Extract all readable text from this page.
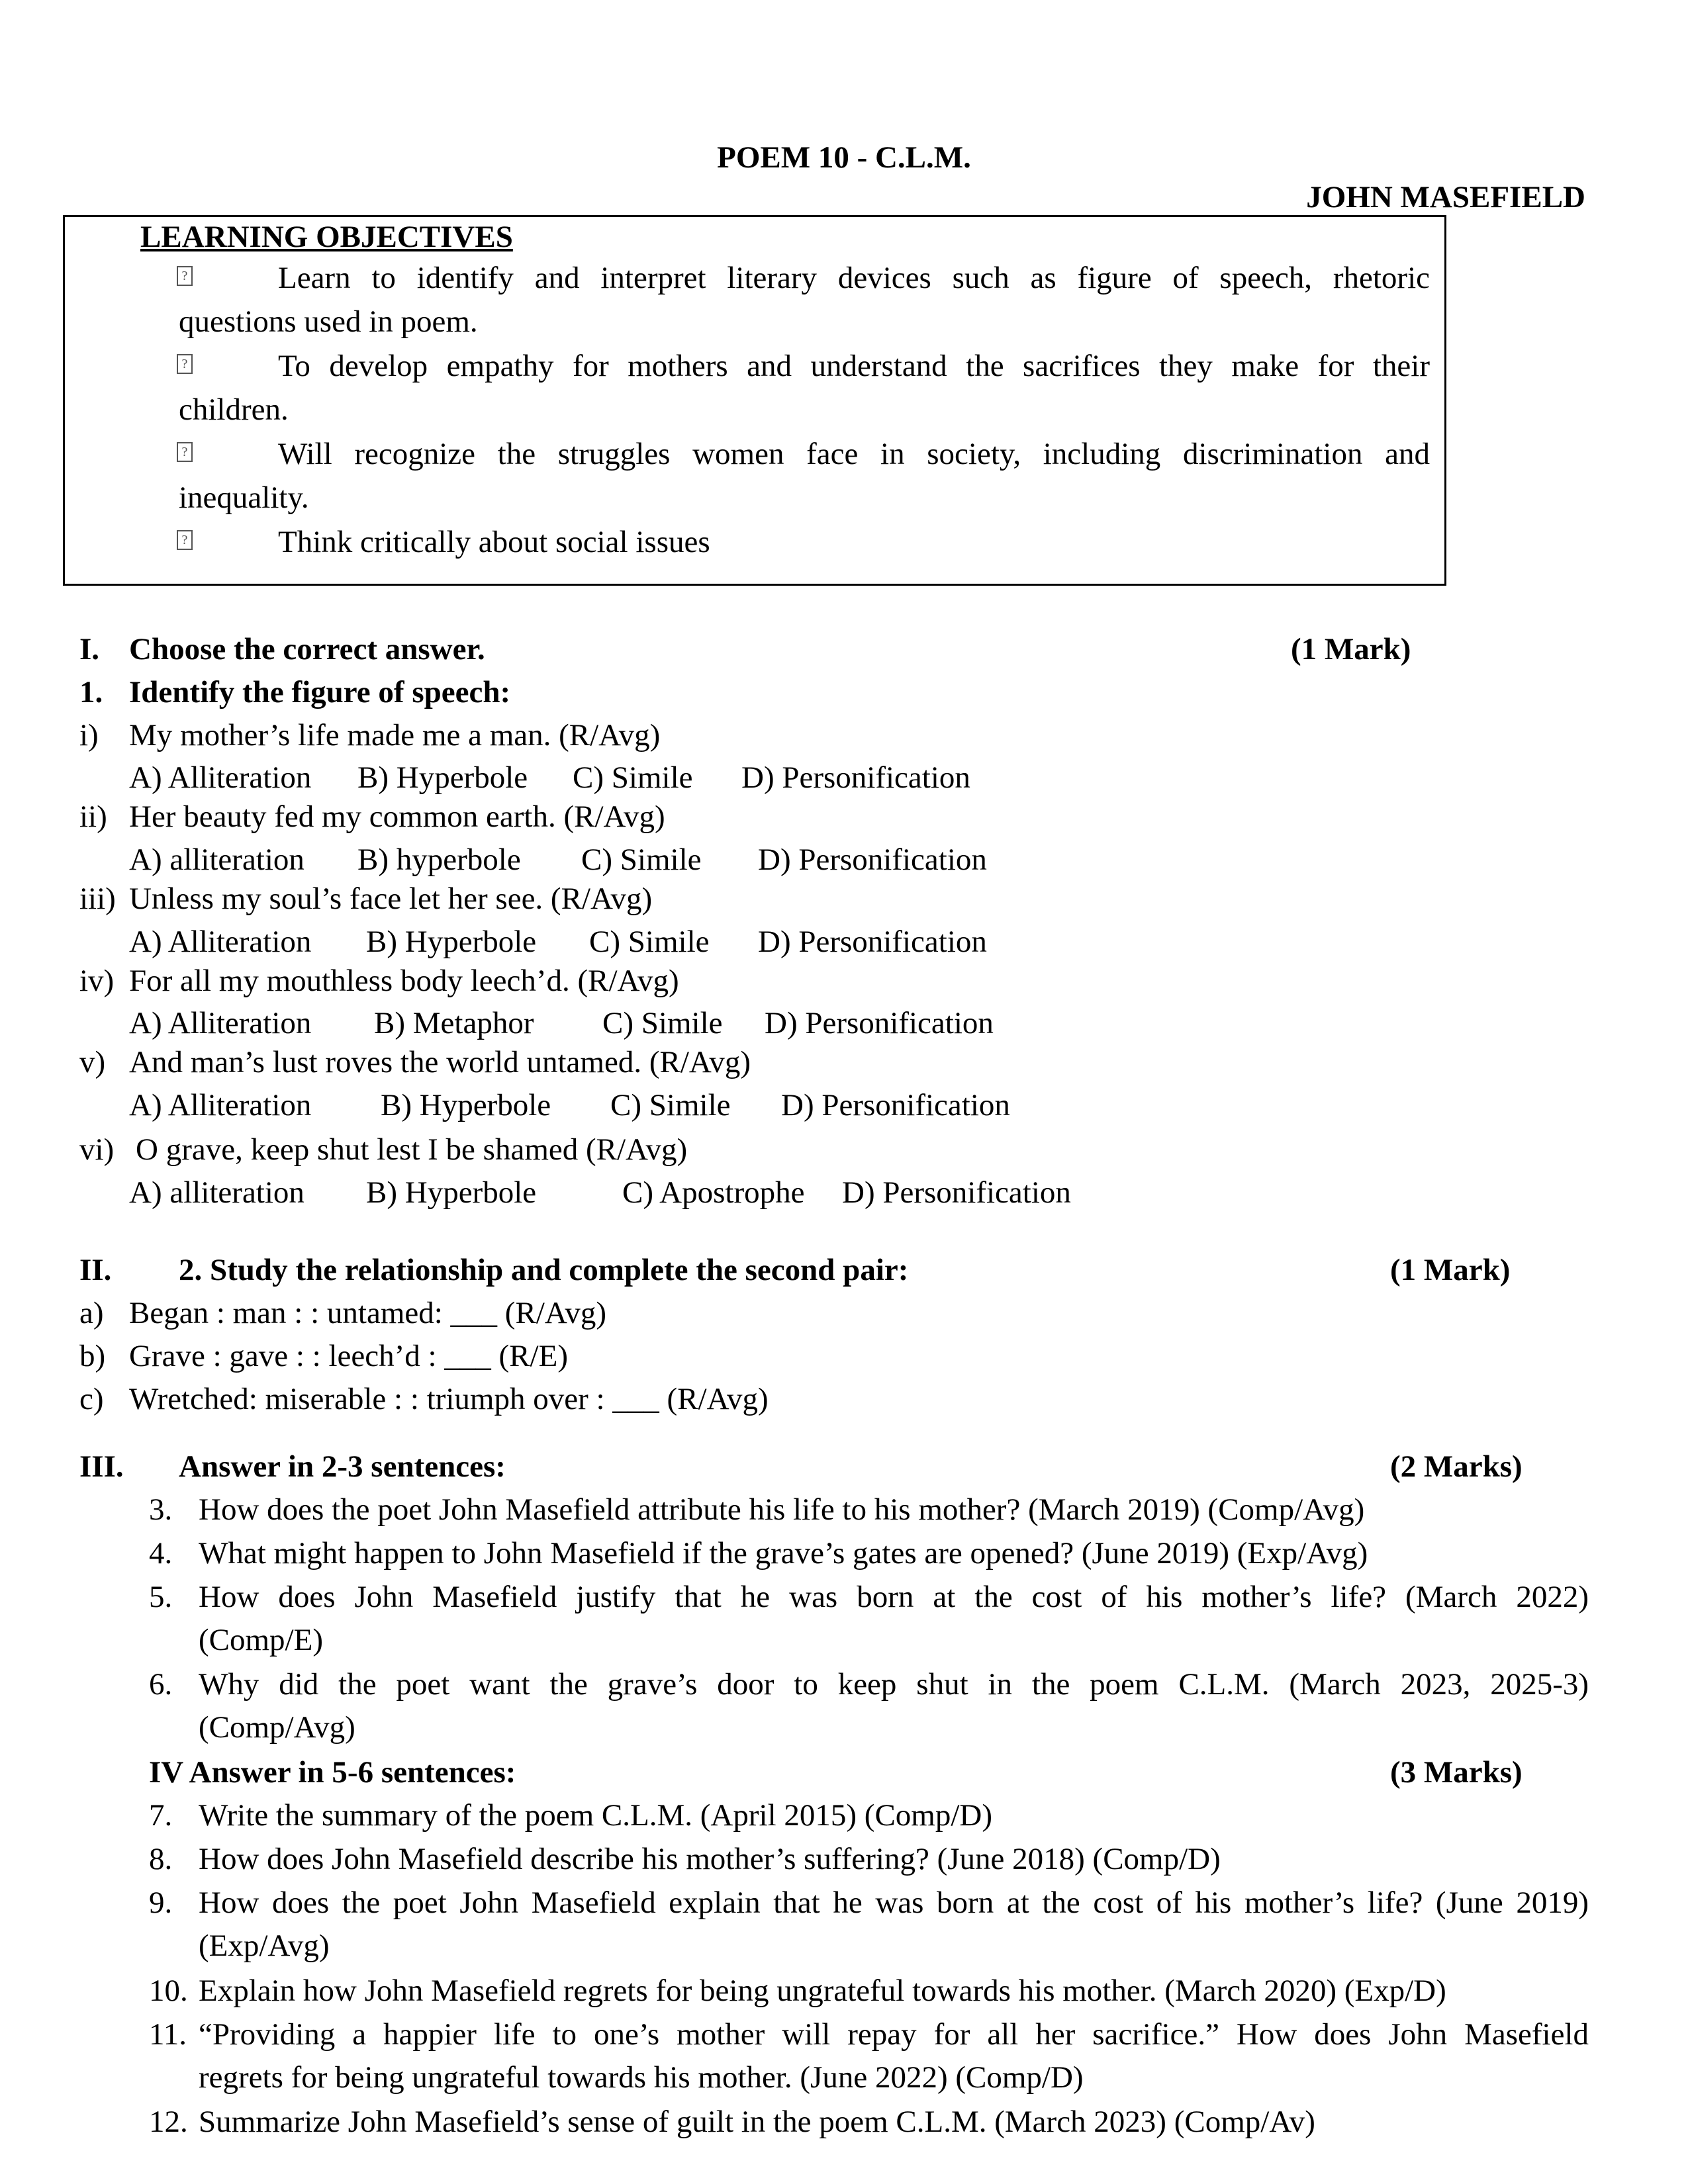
POEM 10 - C.L.M.
JOHN MASEFIELD
LEARNING OBJECTIVES
?	Learn to identify and interpret literary devices such as figure of speech, rhetoric
questions used in poem.
?	To develop empathy for mothers and understand the sacrifices they make for their
children.
?	Will recognize the struggles women face in society, including discrimination and
inequality.
?	Think critically about social issues
I. Choose the correct answer.	(1 Mark)
1. Identify the figure of speech:
i) My mother’s life made me a man. (R/Avg)
A) Alliteration B) Hyperbole C) Simile D) Personification
ii) Her beauty fed my common earth. (R/Avg)
A) alliteration B) hyperbole C) Simile D) Personification
iii) Unless my soul’s face let her see. (R/Avg)
A) Alliteration B) Hyperbole C) Simile D) Personification
iv) For all my mouthless body leech’d. (R/Avg)
A) Alliteration B) Metaphor C) Simile D) Personification
v) And man’s lust roves the world untamed. (R/Avg)
A) Alliteration B) Hyperbole C) Simile D) Personification
vi) O grave, keep shut lest I be shamed (R/Avg)
A) alliteration B) Hyperbole	C) Apostrophe D) Personification
II. 2. Study the relationship and complete the second pair:	(1 Mark)
a) Began : man : : untamed: ___ (R/Avg)
b) Grave : gave : : leech’d : ___ (R/E)
c) Wretched: miserable : : triumph over : ___ (R/Avg)
III. Answer in 2-3 sentences:	(2 Marks)
3. How does the poet John Masefield attribute his life to his mother? (March 2019) (Comp/Avg)
4. What might happen to John Masefield if the grave’s gates are opened? (June 2019) (Exp/Avg)
5. How does John Masefield justify that he was born at the cost of his mother’s life? (March 2022)
(Comp/E)
6. Why did the poet want the grave’s door to keep shut in the poem C.L.M. (March 2023, 2025-3)
(Comp/Avg)
IV Answer in 5-6 sentences:	(3 Marks)
7. Write the summary of the poem C.L.M. (April 2015) (Comp/D)
8. How does John Masefield describe his mother’s suffering? (June 2018) (Comp/D)
9. How does the poet John Masefield explain that he was born at the cost of his mother’s life? (June 2019)
(Exp/Avg)
10. Explain how John Masefield regrets for being ungrateful towards his mother. (March 2020) (Exp/D)
11. “Providing a happier life to one’s mother will repay for all her sacrifice.” How does John Masefield
regrets for being ungrateful towards his mother. (June 2022) (Comp/D)
12. Summarize John Masefield’s sense of guilt in the poem C.L.M. (March 2023) (Comp/Av)
